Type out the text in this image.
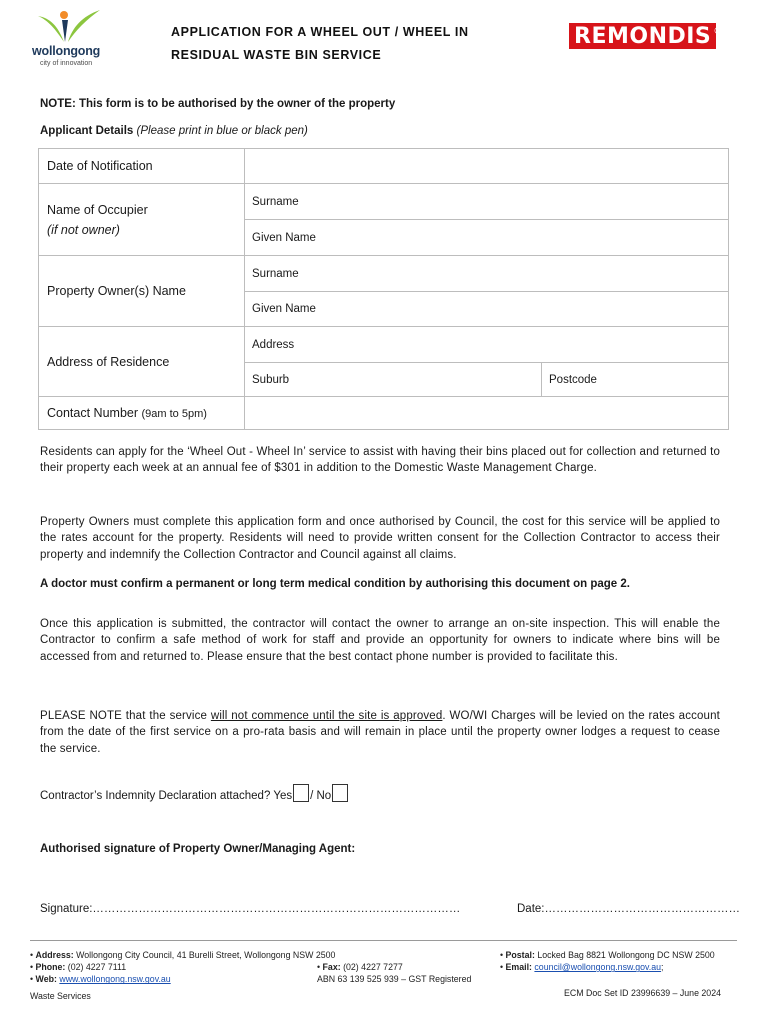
wollongong
city of innovation
APPLICATION FOR A WHEEL OUT / WHEEL IN
RESIDUAL WASTE BIN SERVICE
REMONDIS ®
NOTE: This form is to be authorised by the owner of the property
Applicant Details (Please print in blue or black pen)
Date of Notification		
Name of Occupier
(if not owner)	Surname	
	Given Name	
Property Owner(s) Name	Surname	
	Given Name	
Address of Residence	Address	
	Suburb	Postcode
Contact Number (9am to 5pm)		
Residents can apply for the ‘Wheel Out - Wheel In’ service to assist with having their bins placed out for collection and returned to their property each week at an annual fee of $301 in addition to the Domestic Waste Management Charge.
Property Owners must complete this application form and once authorised by Council, the cost for this service will be applied to the rates account for the property. Residents will need to provide written consent for the Collection Contractor to access their property and indemnify the Collection Contractor and Council against all claims.
A doctor must confirm a permanent or long term medical condition by authorising this document on page 2.
Once this application is submitted, the contractor will contact the owner to arrange an on-site inspection. This will enable the Contractor to confirm a safe method of work for staff and provide an opportunity for owners to indicate where bins will be accessed from and returned to. Please ensure that the best contact phone number is provided to facilitate this.
PLEASE NOTE that the service will not commence until the site is approved. WO/WI Charges will be levied on the rates account from the date of the first service on a pro-rata basis and will remain in place until the property owner lodges a request to cease the service.
Contractor’s Indemnity Declaration attached? Yes / No
Authorised signature of Property Owner/Managing Agent:
Signature:……………………………………………………………………………………	Date:……………………………………………
• Address: Wollongong City Council, 41 Burelli Street, Wollongong NSW 2500
• Phone: (02) 4227 7111
• Web: www.wollongong.nsw.gov.au
• Fax: (02) 4227 7277
ABN 63 139 525 939 – GST Registered
• Postal: Locked Bag 8821 Wollongong DC NSW 2500
• Email: council@wollongong.nsw.gov.au;
Waste Services	ECM Doc Set ID 23996639 – June 2024
